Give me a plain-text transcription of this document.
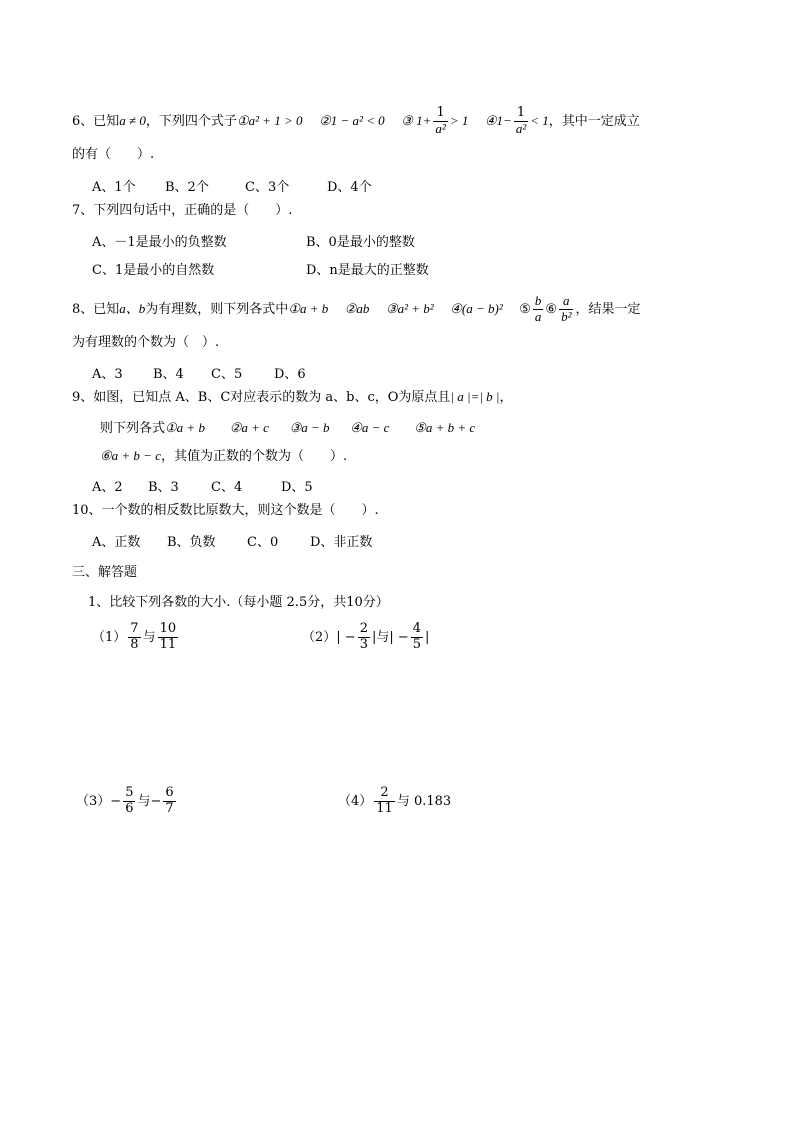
6、已知a ≠ 0，下列四个式子①a² + 1 > 0 ②1 − a² < 0 ③ $1+ \frac{1}{\text{a²}} > 1$ ④1− $\frac{1}{\text{a²}} < 1$，其中一定成立
的有（　　）.
A、1个 B、2个	C、3个	D、4个
7、下列四句话中，正确的是（　　）.
A、－1是最小的负整数	B、0是最小的整数
C、1是最小的自然数	D、n是最大的正整数
8、已知a、b为有理数，则下列各式中①a + b ②ab ③a² + b² ④(a − b)² ⑤ $\frac{b}{a}$ ⑥ $\frac{a}{\text{b²}}$ ，结果一定
为有理数的个数为（　）.
A、3 B、4 C、5 D、6
9、如图，已知点 A、B、C对应表示的数为 a、b、c，O为原点且| a |=| b |，
则下列各式①a + b ②a + c ③a − b ④a − c ⑤a + b + c
⑥a + b − c，其值为正数的个数为（　　）.
A、2 B、3 C、4	D、5
10、一个数的相反数比原数大，则这个数是（　　）.
A、正数 B、负数 C、0 D、非正数
三、解答题
1、比较下列各数的大小.（每小题 2.5分，共10分）
$(1) \frac{7}{8}$ 与 $\frac{10}{11}$	$(2)| - \frac{2}{3}$ |与| − $\frac{4}{5}$ |
$(3)- \frac{5}{6}$ 与− $\frac{6}{7}$	$(4) \frac{2}{11}$ 与 0.183
